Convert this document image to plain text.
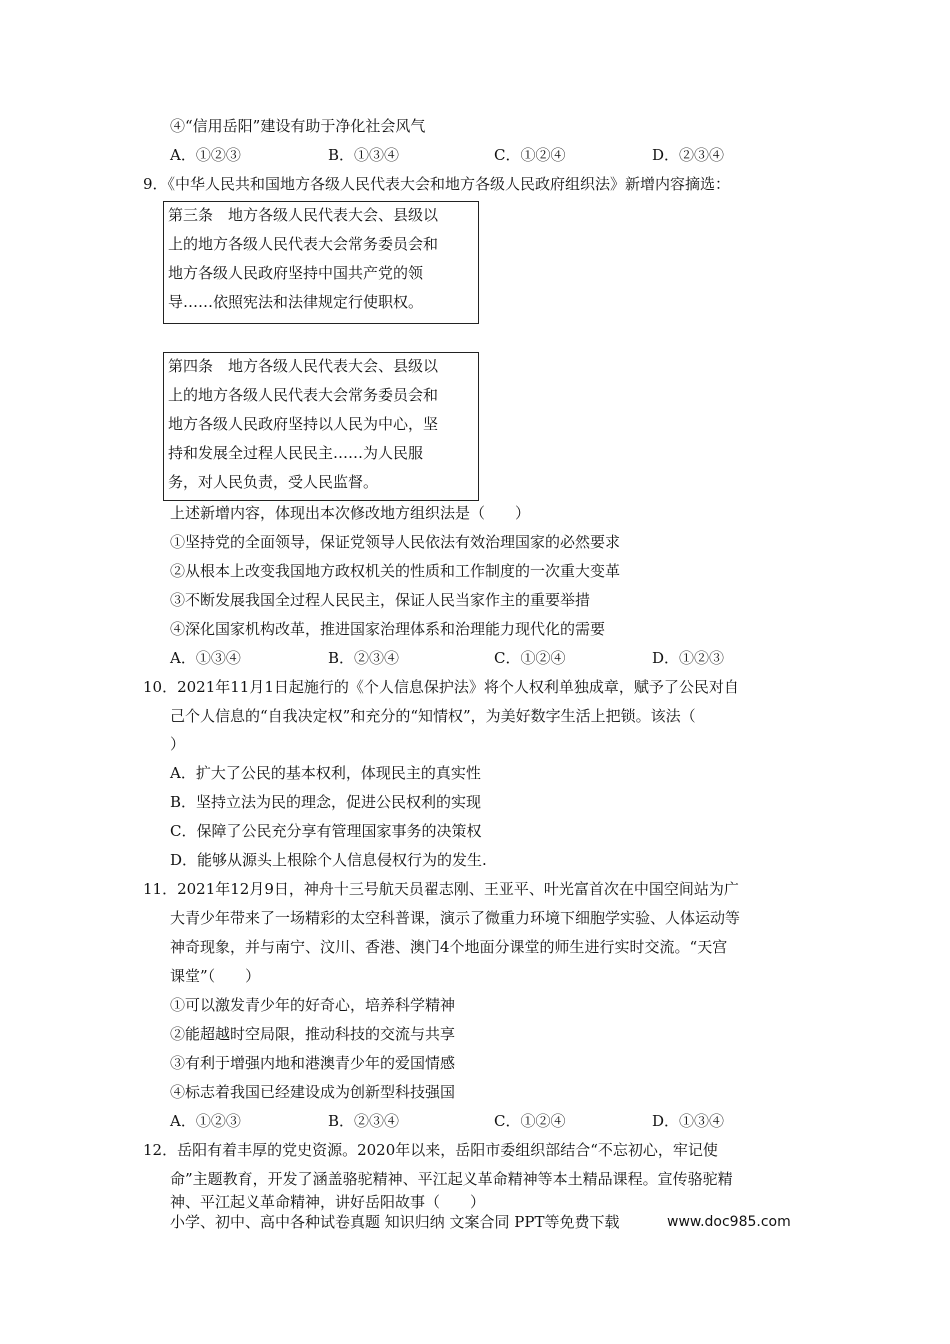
④“信用岳阳”建设有助于净化社会风气
A．①②③	B．①③④	C．①②④	D．②③④
9．《中华人民共和国地方各级人民代表大会和地方各级人民政府组织法》新增内容摘选：
第三条　地方各级人民代表大会、县级以
上的地方各级人民代表大会常务委员会和
地方各级人民政府坚持中国共产党的领
导……依照宪法和法律规定行使职权。
第四条　地方各级人民代表大会、县级以
上的地方各级人民代表大会常务委员会和
地方各级人民政府坚持以人民为中心，坚
持和发展全过程人民民主……为人民服
务，对人民负责，受人民监督。
上述新增内容，体现出本次修改地方组织法是（　　）
①坚持党的全面领导，保证党领导人民依法有效治理国家的必然要求
②从根本上改变我国地方政权机关的性质和工作制度的一次重大变革
③不断发展我国全过程人民民主，保证人民当家作主的重要举措
④深化国家机构改革，推进国家治理体系和治理能力现代化的需要
A．①③④	B．②③④	C．①②④	D．①②③
10．2021年11月1日起施行的《个人信息保护法》将个人权利单独成章，赋予了公民对自
己个人信息的“自我决定权”和充分的“知情权”，为美好数字生活上把锁。该法（
）
A．扩大了公民的基本权利，体现民主的真实性
B．坚持立法为民的理念，促进公民权利的实现
C．保障了公民充分享有管理国家事务的决策权
D．能够从源头上根除个人信息侵权行为的发生.
11．2021年12月9日，神舟十三号航天员翟志刚、王亚平、叶光富首次在中国空间站为广
大青少年带来了一场精彩的太空科普课，演示了微重力环境下细胞学实验、人体运动等
神奇现象，并与南宁、汶川、香港、澳门4个地面分课堂的师生进行实时交流。“天宫
课堂”（　　）
①可以激发青少年的好奇心，培养科学精神
②能超越时空局限，推动科技的交流与共享
③有利于增强内地和港澳青少年的爱国情感
④标志着我国已经建设成为创新型科技强国
A．①②③	B．②③④	C．①②④	D．①③④
12．岳阳有着丰厚的党史资源。2020年以来，岳阳市委组织部结合“不忘初心，牢记使
命”主题教育，开发了涵盖骆驼精神、平江起义革命精神等本土精品课程。宣传骆驼精
神、平江起义革命精神，讲好岳阳故事（　　）
小学、初中、高中各种试卷真题 知识归纳 文案合同 PPT等免费下载	www.doc985.com
